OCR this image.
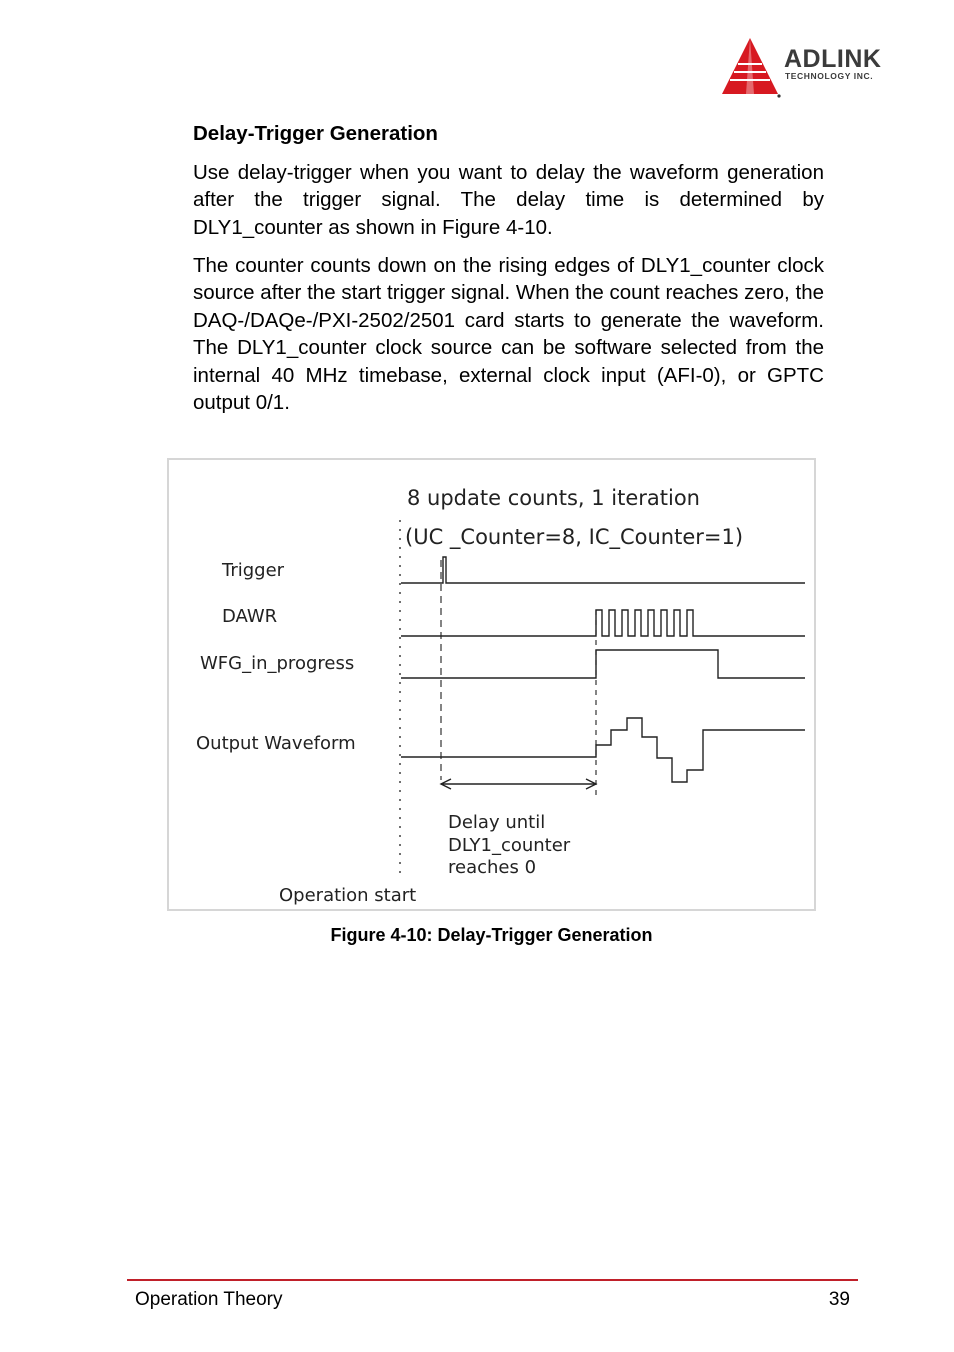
ADLINK
TECHNOLOGY INC.
Delay-Trigger Generation

Use delay-trigger when you want to delay the waveform generation after the trigger signal. The delay time is determined by DLY1_counter as shown in Figure 4-10.

The counter counts down on the rising edges of DLY1_counter clock source after the start trigger signal. When the count reaches zero, the DAQ-/DAQe-/PXI-2502/2501 card starts to generate the waveform. The DLY1_counter clock source can be software selected from the internal 40 MHz timebase, external clock input (AFI-0), or GPTC output 0/1.

8 update counts, 1 iteration
(UC _Counter=8, IC_Counter=1)
Trigger
DAWR
WFG_in_progress
Output Waveform
Delay until
DLY1_counter
reaches 0
Operation start
Figure 4-10: Delay-Trigger Generation
Operation Theory	39
